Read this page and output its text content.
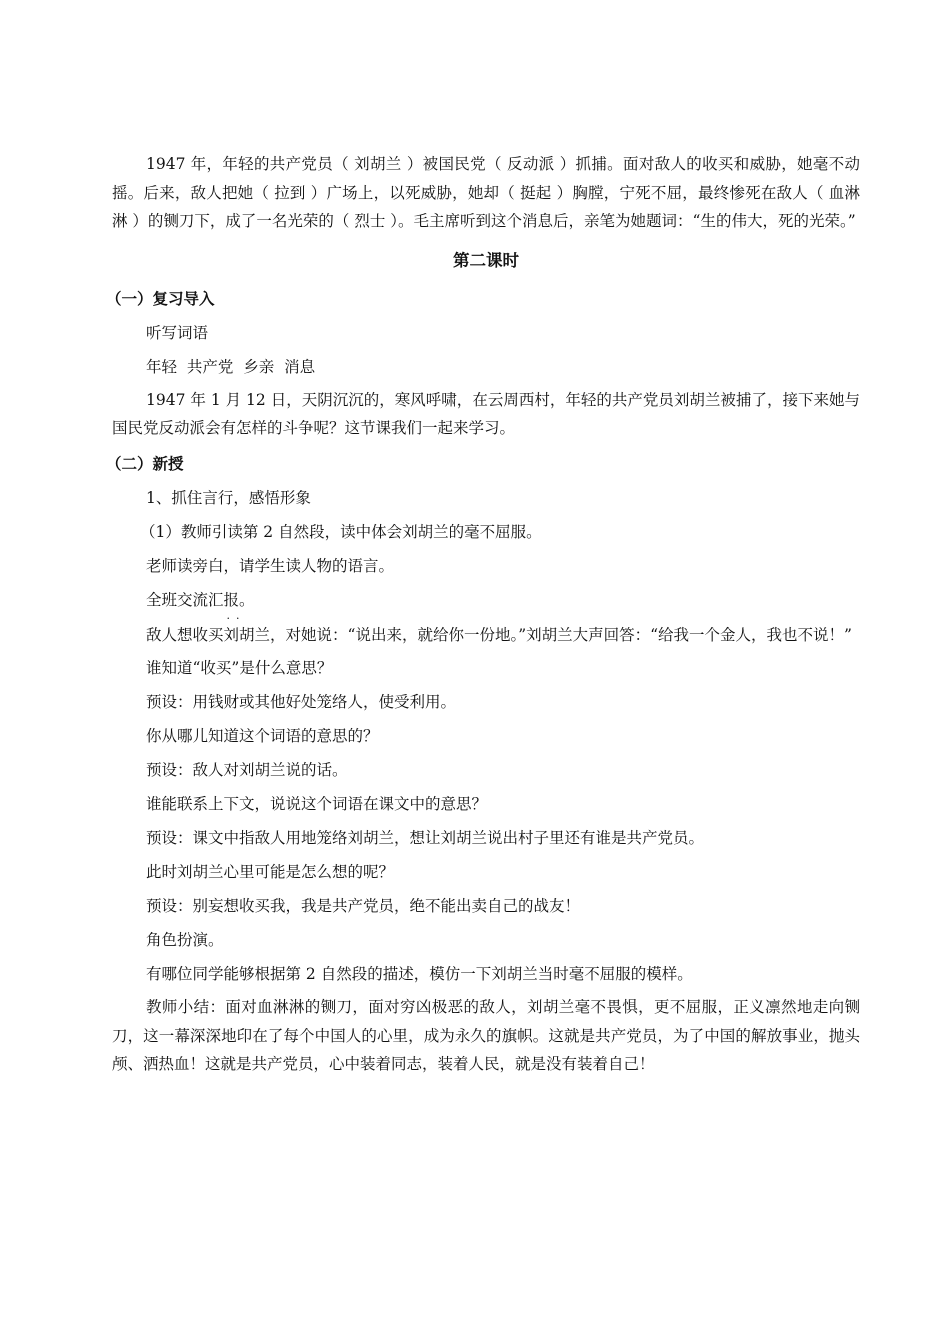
1947 年，年轻的共产党员（ 刘胡兰 ）被国民党（ 反动派 ）抓捕。面对敌人的收买和威胁，她毫不动摇。后来，敌人把她（ 拉到 ）广场上，以死威胁，她却（ 挺起 ）胸膛，宁死不屈，最终惨死在敌人（ 血淋淋 ）的铡刀下，成了一名光荣的（ 烈士 ）。毛主席听到这个消息后，亲笔为她题词：“生的伟大，死的光荣。”

第二课时

（一）复习导入

听写词语

年轻  共产党  乡亲  消息

1947 年 1 月 12 日，天阴沉沉的，寒风呼啸，在云周西村，年轻的共产党员刘胡兰被捕了，接下来她与国民党反动派会有怎样的斗争呢？这节课我们一起来学习。

（二）新授

1、抓住言行，感悟形象

（1）教师引读第 2 自然段，读中体会刘胡兰的毫不屈服。

老师读旁白，请学生读人物的语言。

全班交流汇报。

敌人想
··
收买刘胡兰，对她说：“说出来，就给你一份地。”刘胡兰大声回答：“给我一个金人，我也不说！”

谁知道“收买”是什么意思？

预设：用钱财或其他好处笼络人，使受利用。

你从哪儿知道这个词语的意思的？

预设：敌人对刘胡兰说的话。

谁能联系上下文，说说这个词语在课文中的意思？

预设：课文中指敌人用地笼络刘胡兰，想让刘胡兰说出村子里还有谁是共产党员。

此时刘胡兰心里可能是怎么想的呢？

预设：别妄想收买我，我是共产党员，绝不能出卖自己的战友！

角色扮演。

有哪位同学能够根据第 2 自然段的描述，模仿一下刘胡兰当时毫不屈服的模样。

教师小结：面对血淋淋的铡刀，面对穷凶极恶的敌人，刘胡兰毫不畏惧，更不屈服，正义凛然地走向铡刀，这一幕深深地印在了每个中国人的心里，成为永久的旗帜。这就是共产党员，为了中国的解放事业，抛头颅、洒热血！这就是共产党员，心中装着同志，装着人民，就是没有装着自己！
